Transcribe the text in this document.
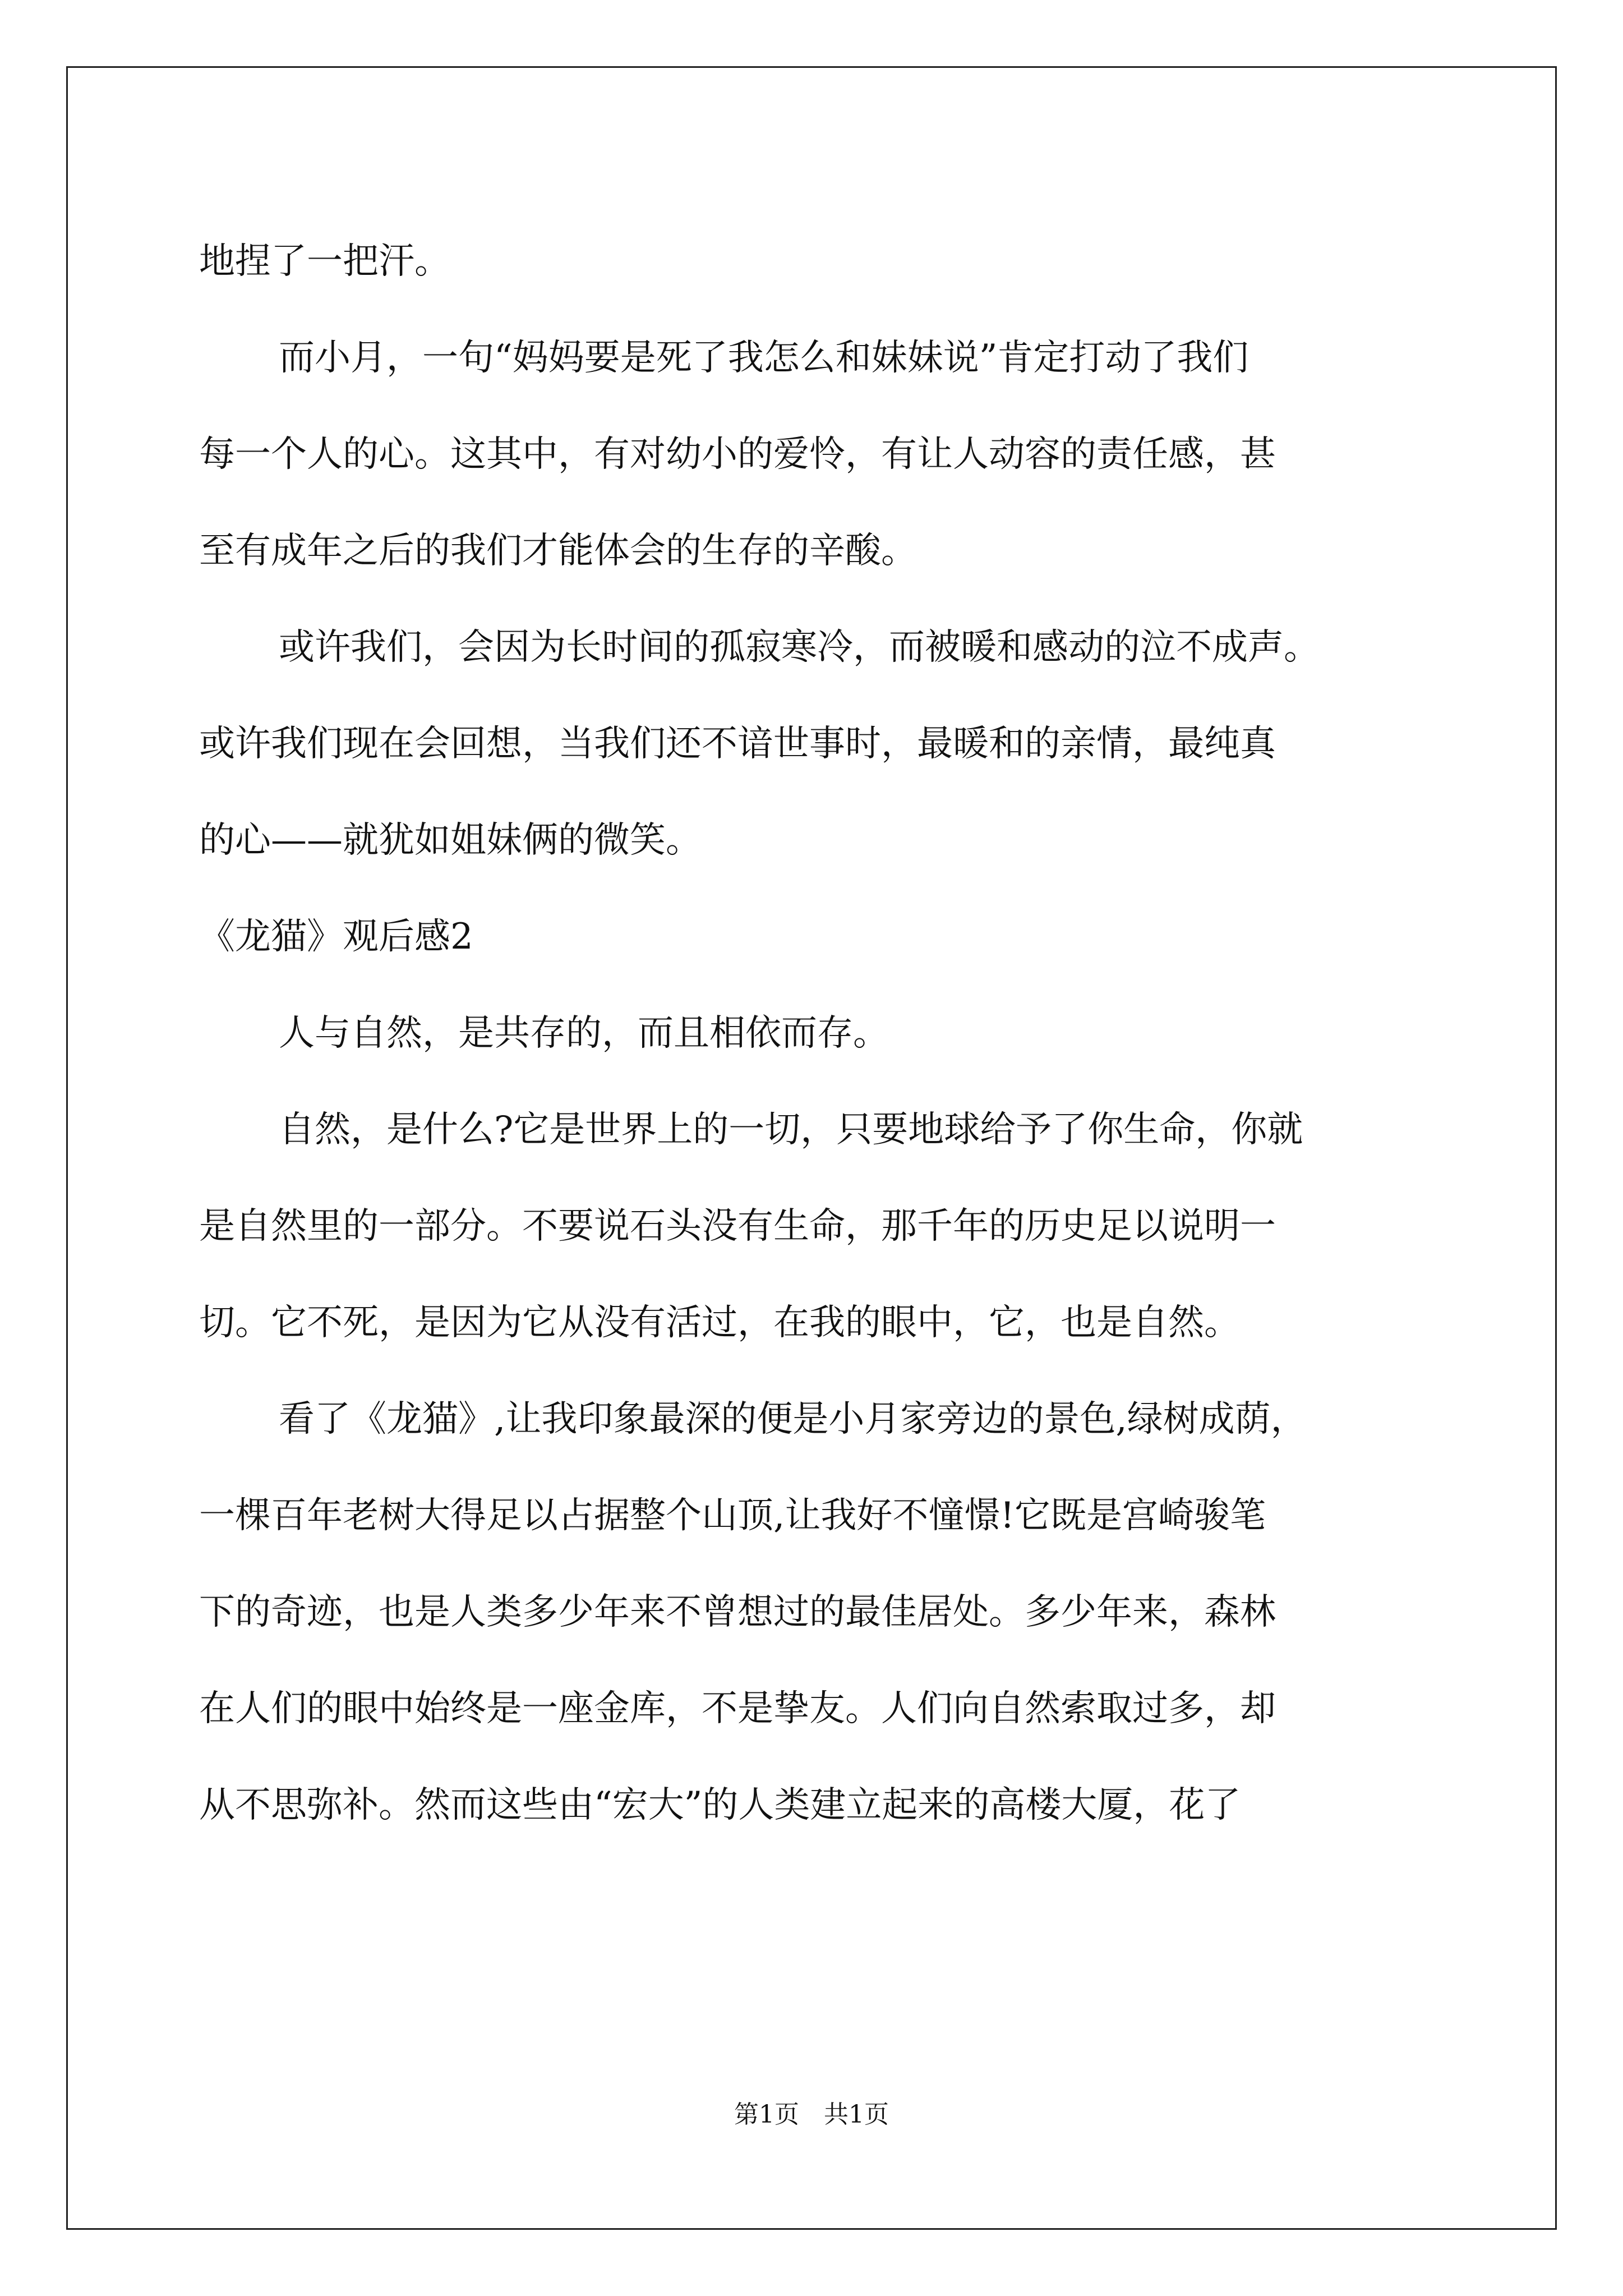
地捏了一把汗。

而小月，一句“妈妈要是死了我怎么和妹妹说”肯定打动了我们

每一个人的心。这其中，有对幼小的爱怜，有让人动容的责任感，甚

至有成年之后的我们才能体会的生存的辛酸。

或许我们，会因为长时间的孤寂寒冷，而被暖和感动的泣不成声。

或许我们现在会回想，当我们还不谙世事时，最暖和的亲情，最纯真

的心——就犹如姐妹俩的微笑。

《龙猫》观后感2

人与自然，是共存的，而且相依而存。

自然，是什么?它是世界上的一切，只要地球给予了你生命，你就

是自然里的一部分。不要说石头没有生命，那千年的历史足以说明一

切。它不死，是因为它从没有活过，在我的眼中，它，也是自然。

看了《龙猫》,让我印象最深的便是小月家旁边的景色,绿树成荫，

一棵百年老树大得足以占据整个山顶,让我好不憧憬!它既是宫崎骏笔

下的奇迹，也是人类多少年来不曾想过的最佳居处。多少年来，森林

在人们的眼中始终是一座金库，不是挚友。人们向自然索取过多，却

从不思弥补。然而这些由“宏大”的人类建立起来的高楼大厦，花了

第1页　共1页
